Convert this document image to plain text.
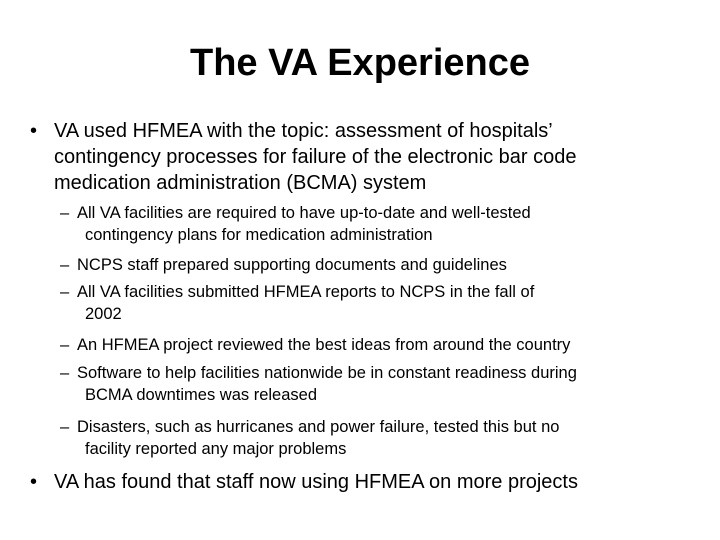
The VA Experience
• VA used HFMEA with the topic: assessment of hospitals’
contingency processes for failure of the electronic bar code
medication administration (BCMA) system
– All VA facilities are required to have up-to-date and well-tested
contingency plans for medication administration
– NCPS staff prepared supporting documents and guidelines
– All VA facilities submitted HFMEA reports to NCPS in the fall of
2002
– An HFMEA project reviewed the best ideas from around the country
– Software to help facilities nationwide be in constant readiness during
BCMA downtimes was released
– Disasters, such as hurricanes and power failure, tested this but no
facility reported any major problems
• VA has found that staff now using HFMEA on more projects
